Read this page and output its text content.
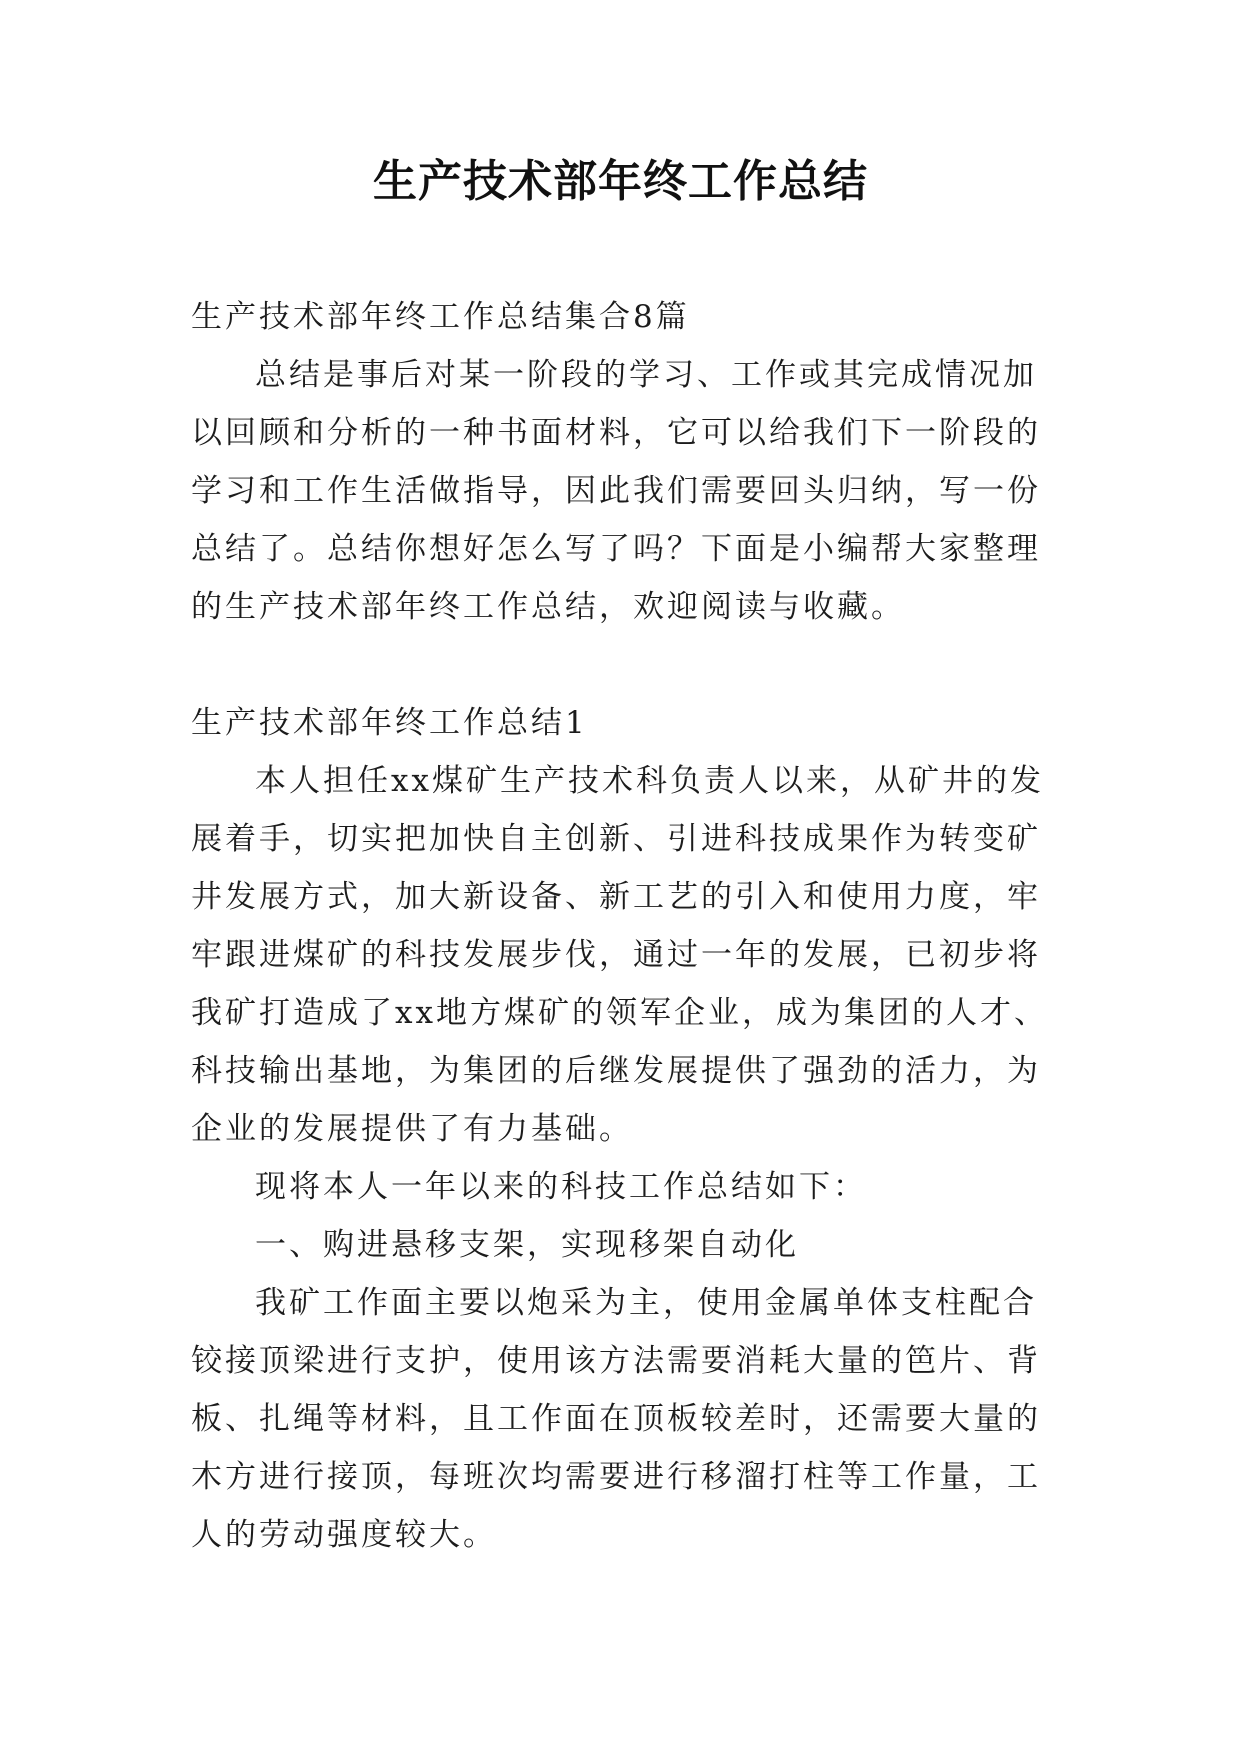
生产技术部年终工作总结

生产技术部年终工作总结集合8篇

总结是事后对某一阶段的学习、工作或其完成情况加以回顾和分析的一种书面材料，它可以给我们下一阶段的学习和工作生活做指导，因此我们需要回头归纳，写一份总结了。总结你想好怎么写了吗？下面是小编帮大家整理的生产技术部年终工作总结，欢迎阅读与收藏。

生产技术部年终工作总结1

本人担任xx煤矿生产技术科负责人以来，从矿井的发展着手，切实把加快自主创新、引进科技成果作为转变矿井发展方式，加大新设备、新工艺的引入和使用力度，牢牢跟进煤矿的科技发展步伐，通过一年的发展，已初步将我矿打造成了xx地方煤矿的领军企业，成为集团的人才、科技输出基地，为集团的后继发展提供了强劲的活力，为企业的发展提供了有力基础。

现将本人一年以来的科技工作总结如下：

一、购进悬移支架，实现移架自动化

我矿工作面主要以炮采为主，使用金属单体支柱配合铰接顶梁进行支护，使用该方法需要消耗大量的笆片、背板、扎绳等材料，且工作面在顶板较差时，还需要大量的木方进行接顶，每班次均需要进行移溜打柱等工作量，工人的劳动强度较大。
